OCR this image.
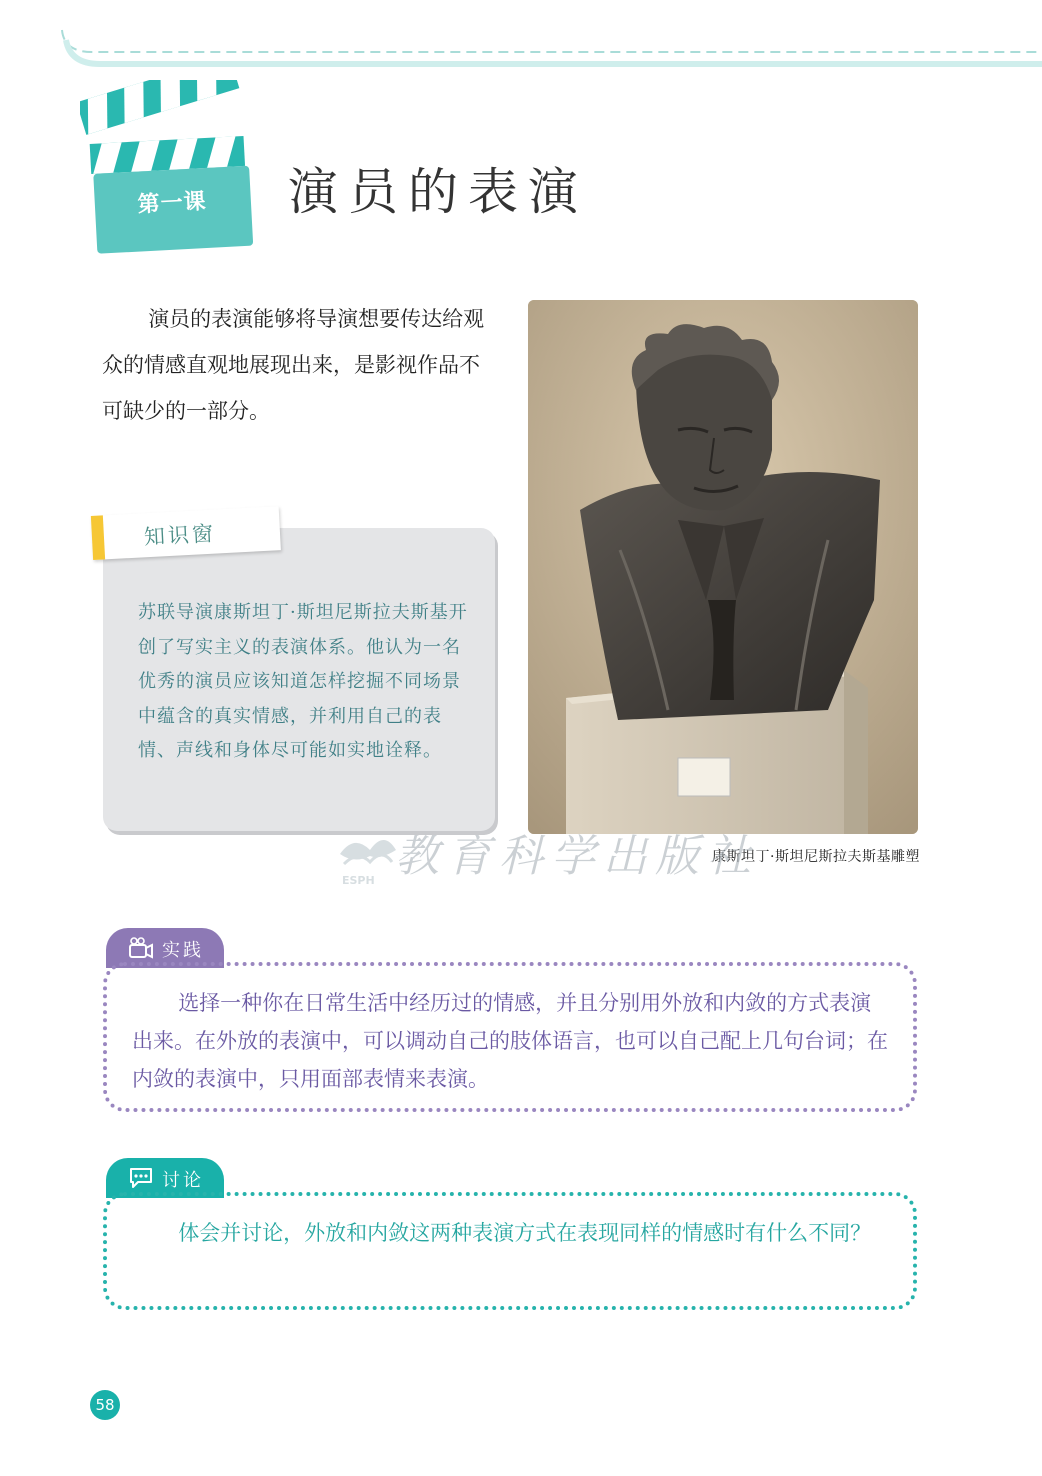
第一课	演员的表演

演员的表演能够将导演想要传达给观众的情感直观地展现出来，是影视作品不可缺少的一部分。

康斯坦丁·斯坦尼斯拉夫斯基雕塑
ESPH 教育科学出版社
知识窗

苏联导演康斯坦丁·斯坦尼斯拉夫斯基开创了写实主义的表演体系。他认为一名优秀的演员应该知道怎样挖掘不同场景中蕴含的真实情感，并利用自己的表情、声线和身体尽可能如实地诠释。

实践

选择一种你在日常生活中经历过的情感，并且分别用外放和内敛的方式表演出来。在外放的表演中，可以调动自己的肢体语言，也可以自己配上几句台词；在内敛的表演中，只用面部表情来表演。

讨论

体会并讨论，外放和内敛这两种表演方式在表现同样的情感时有什么不同？

58
